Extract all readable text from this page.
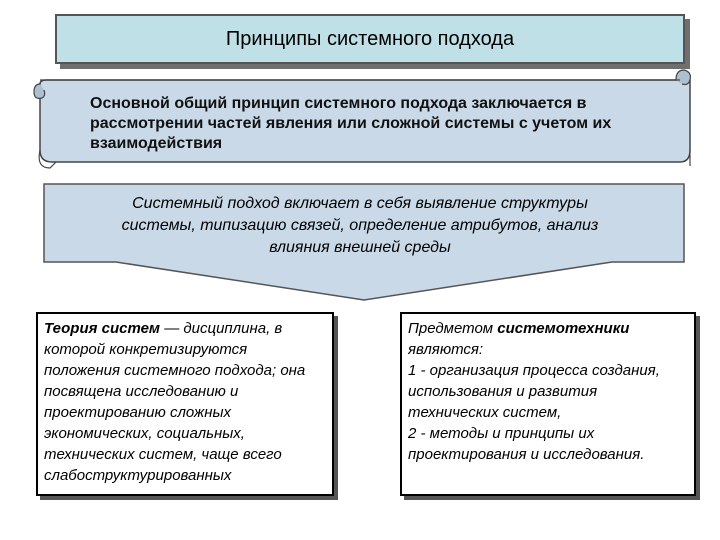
Принципы системного подхода
Основной общий принцип системного подхода заключается в рассмотрении частей явления или сложной системы с учетом их взаимодействия
Системный подход включает в себя выявление структуры системы, типизацию связей, определение атрибутов, анализ влияния внешней среды
Теория систем — дисциплина, в которой конкретизируются положения системного подхода; она посвящена исследованию и проектированию сложных экономических, социальных, технических систем, чаще всего слабоструктурированных
Предметом системотехники являются:
1 - организация процесса создания, использования и развития технических систем,
2 - методы и принципы их проектирования и исследования.
